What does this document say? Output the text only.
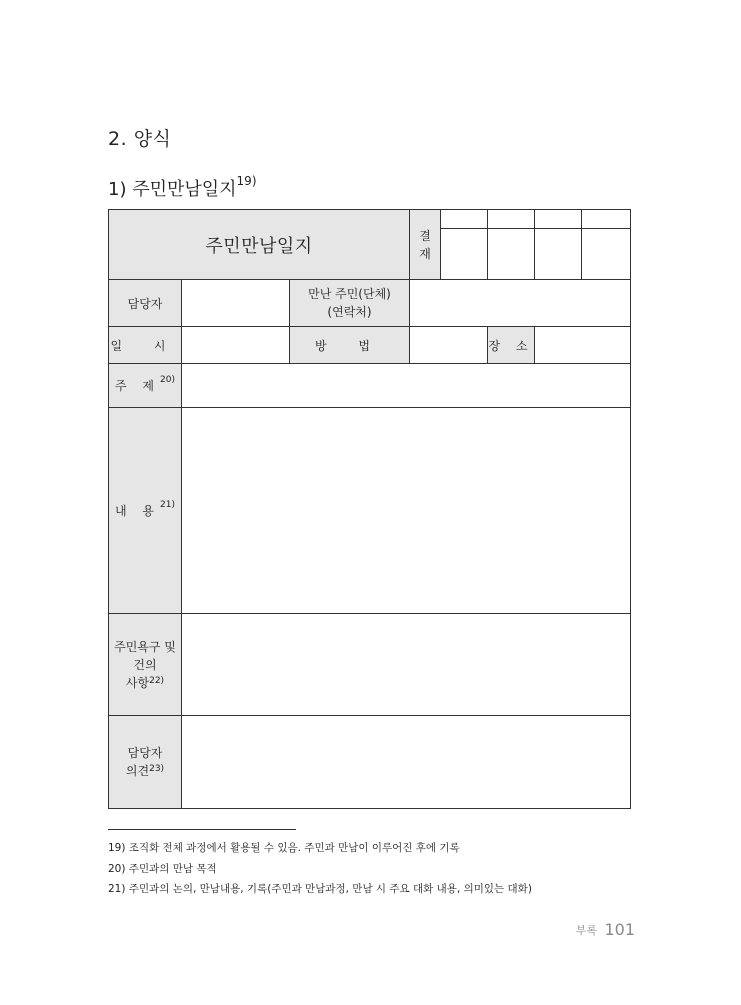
2. 양식
1) 주민만남일지$^{19)}$
주민만남일지			결
재				

담당자		만난 주민(단체)
(연락처)					

일 시		방 법			장 소		
주 제$^{20)}$	
내 용$^{21)}$	

주민욕구 및
건의
사항$^{22)}$

담당자
의견$^{23)}$

19) 조직화 전체 과정에서 활용될 수 있음. 주민과 만남이 이루어진 후에 기록
20) 주민과의 만남 목적
21) 주민과의 논의, 만남내용, 기록(주민과 만남과정, 만남 시 주요 대화 내용, 의미있는 대화)
부록 101
